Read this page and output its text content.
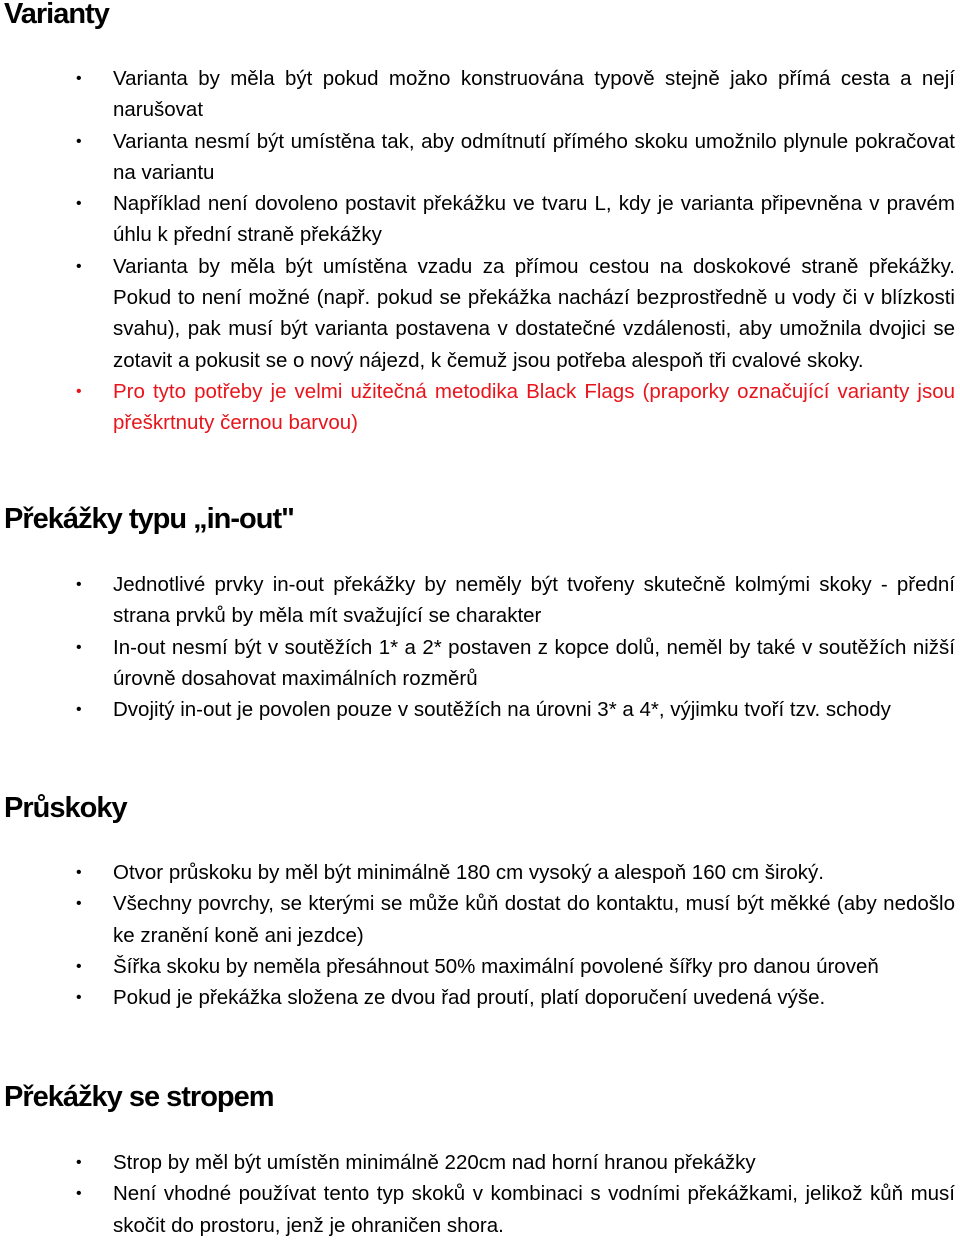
Varianty
• Varianta by měla být pokud možno konstruována typově stejně jako přímá cesta a nejí narušovat
• Varianta nesmí být umístěna tak, aby odmítnutí přímého skoku umožnilo plynule pokračovat na variantu
• Například není dovoleno postavit překážku ve tvaru L, kdy je varianta připevněna v pravém úhlu k přední straně překážky
• Varianta by měla být umístěna vzadu za přímou cestou na doskokové straně překážky. Pokud to není možné (např. pokud se překážka nachází bezprostředně u vody či v blízkosti svahu), pak musí být varianta postavena v dostatečné vzdálenosti, aby umožnila dvojici se zotavit a pokusit se o nový nájezd, k čemuž jsou potřeba alespoň tři cvalové skoky.
• Pro tyto potřeby je velmi užitečná metodika Black Flags (praporky označující varianty jsou přeškrtnuty černou barvou)
Překážky typu „in-out"
• Jednotlivé prvky in-out překážky by neměly být tvořeny skutečně kolmými skoky - přední strana prvků by měla mít svažující se charakter
• In-out nesmí být v soutěžích 1* a 2* postaven z kopce dolů, neměl by také v soutěžích nižší úrovně dosahovat maximálních rozměrů
• Dvojitý in-out je povolen pouze v soutěžích na úrovni 3* a 4*, výjimku tvoří tzv. schody
Průskoky
• Otvor průskoku by měl být minimálně 180 cm vysoký a alespoň 160 cm široký.
• Všechny povrchy, se kterými se může kůň dostat do kontaktu, musí být měkké (aby nedošlo ke zranění koně ani jezdce)
• Šířka skoku by neměla přesáhnout 50% maximální povolené šířky pro danou úroveň
• Pokud je překážka složena ze dvou řad proutí, platí doporučení uvedená výše.
Překážky se stropem
• Strop by měl být umístěn minimálně 220cm nad horní hranou překážky
• Není vhodné používat tento typ skoků v kombinaci s vodními překážkami, jelikož kůň musí skočit do prostoru, jenž je ohraničen shora.
